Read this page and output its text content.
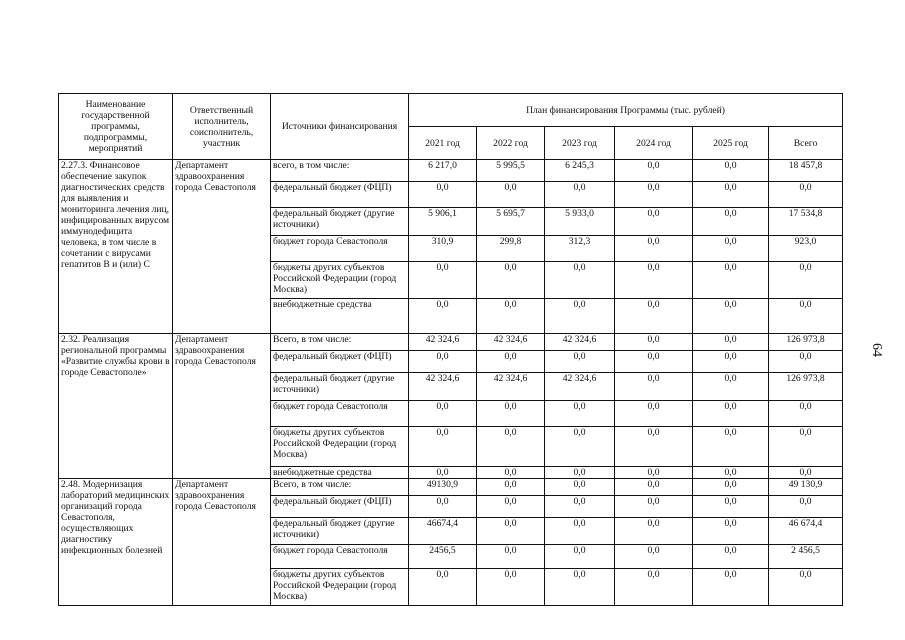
Наименование государственной программы, подпрограммы, мероприятий	Ответственный исполнитель, соисполнитель, участник	Источники финансирования	План финансирования Программы (тыс. рублей)					
			2021 год	2022 год	2023 год	2024 год	2025 год	Всего
2.27.3. Финансовое обеспечение закупок диагностических средств для выявления и мониторинга лечения лиц, инфицированных вирусом иммунодефицита человека, в том числе в сочетании с вирусами гепатитов В и (или) С	Департамент здравоохранения города Севастополя	всего, в том числе:	6 217,0	5 995,5	6 245,3	0,0	0,0	18 457,8
		федеральный бюджет (ФЦП)	0,0	0,0	0,0	0,0	0,0	0,0
		федеральный бюджет (другие источники)	5 906,1	5 695,7	5 933,0	0,0	0,0	17 534,8
		бюджет города Севастополя	310,9	299,8	312,3	0,0	0,0	923,0
		бюджеты других субъектов Российской Федерации (город Москва)	0,0	0,0	0,0	0,0	0,0	0,0
		внебюджетные средства	0,0	0,0	0,0	0,0	0,0	0,0
2.32. Реализация региональной программы «Развитие службы крови в городе Севастополе»	Департамент здравоохранения города Севастополя	Всего, в том числе:	42 324,6	42 324,6	42 324,6	0,0	0,0	126 973,8
		федеральный бюджет (ФЦП)	0,0	0,0	0,0	0,0	0,0	0,0
		федеральный бюджет (другие источники)	42 324,6	42 324,6	42 324,6	0,0	0,0	126 973,8
		бюджет города Севастополя	0,0	0,0	0,0	0,0	0,0	0,0
		бюджеты других субъектов Российской Федерации (город Москва)	0,0	0,0	0,0	0,0	0,0	0,0
		внебюджетные средства	0,0	0,0	0,0	0,0	0,0	0,0
2.48. Модернизация лабораторий медицинских организаций города Севастополя, осуществляющих диагностику инфекционных болезней	Департамент здравоохранения города Севастополя	Всего, в том числе:	49130,9	0,0	0,0	0,0	0,0	49 130,9
		федеральный бюджет (ФЦП)	0,0	0,0	0,0	0,0	0,0	0,0
		федеральный бюджет (другие источники)	46674,4	0,0	0,0	0,0	0,0	46 674,4
		бюджет города Севастополя	2456,5	0,0	0,0	0,0	0,0	2 456,5
		бюджеты других субъектов Российской Федерации (город Москва)	0,0	0,0	0,0	0,0	0,0	0,0
64
